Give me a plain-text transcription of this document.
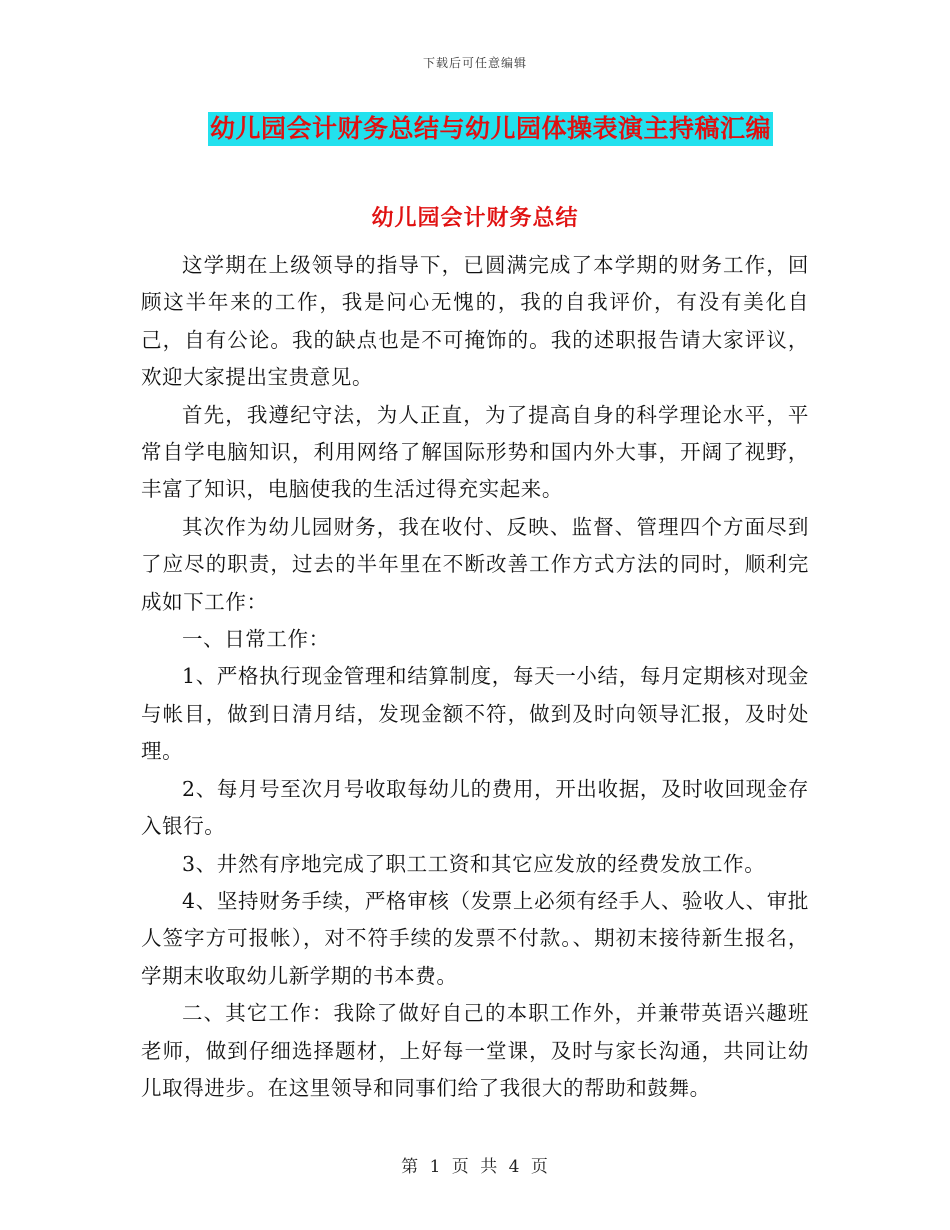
下载后可任意编辑
幼儿园会计财务总结与幼儿园体操表演主持稿汇编
幼儿园会计财务总结

这学期在上级领导的指导下，已圆满完成了本学期的财务工作，回顾这半年来的工作，我是问心无愧的，我的自我评价，有没有美化自己，自有公论。我的缺点也是不可掩饰的。我的述职报告请大家评议，欢迎大家提出宝贵意见。

首先，我遵纪守法，为人正直，为了提高自身的科学理论水平，平常自学电脑知识，利用网络了解国际形势和国内外大事，开阔了视野，丰富了知识，电脑使我的生活过得充实起来。

其次作为幼儿园财务，我在收付、反映、监督、管理四个方面尽到了应尽的职责，过去的半年里在不断改善工作方式方法的同时，顺利完成如下工作：

一、日常工作：

1、严格执行现金管理和结算制度，每天一小结，每月定期核对现金与帐目，做到日清月结，发现金额不符，做到及时向领导汇报，及时处理。

2、每月号至次月号收取每幼儿的费用，开出收据，及时收回现金存入银行。

3、井然有序地完成了职工工资和其它应发放的经费发放工作。

4、坚持财务手续，严格审核（发票上必须有经手人、验收人、审批人签字方可报帐），对不符手续的发票不付款。、期初末接待新生报名，学期末收取幼儿新学期的书本费。

二、其它工作：我除了做好自己的本职工作外，并兼带英语兴趣班老师，做到仔细选择题材，上好每一堂课，及时与家长沟通，共同让幼儿取得进步。在这里领导和同事们给了我很大的帮助和鼓舞。

第 1 页 共 4 页
